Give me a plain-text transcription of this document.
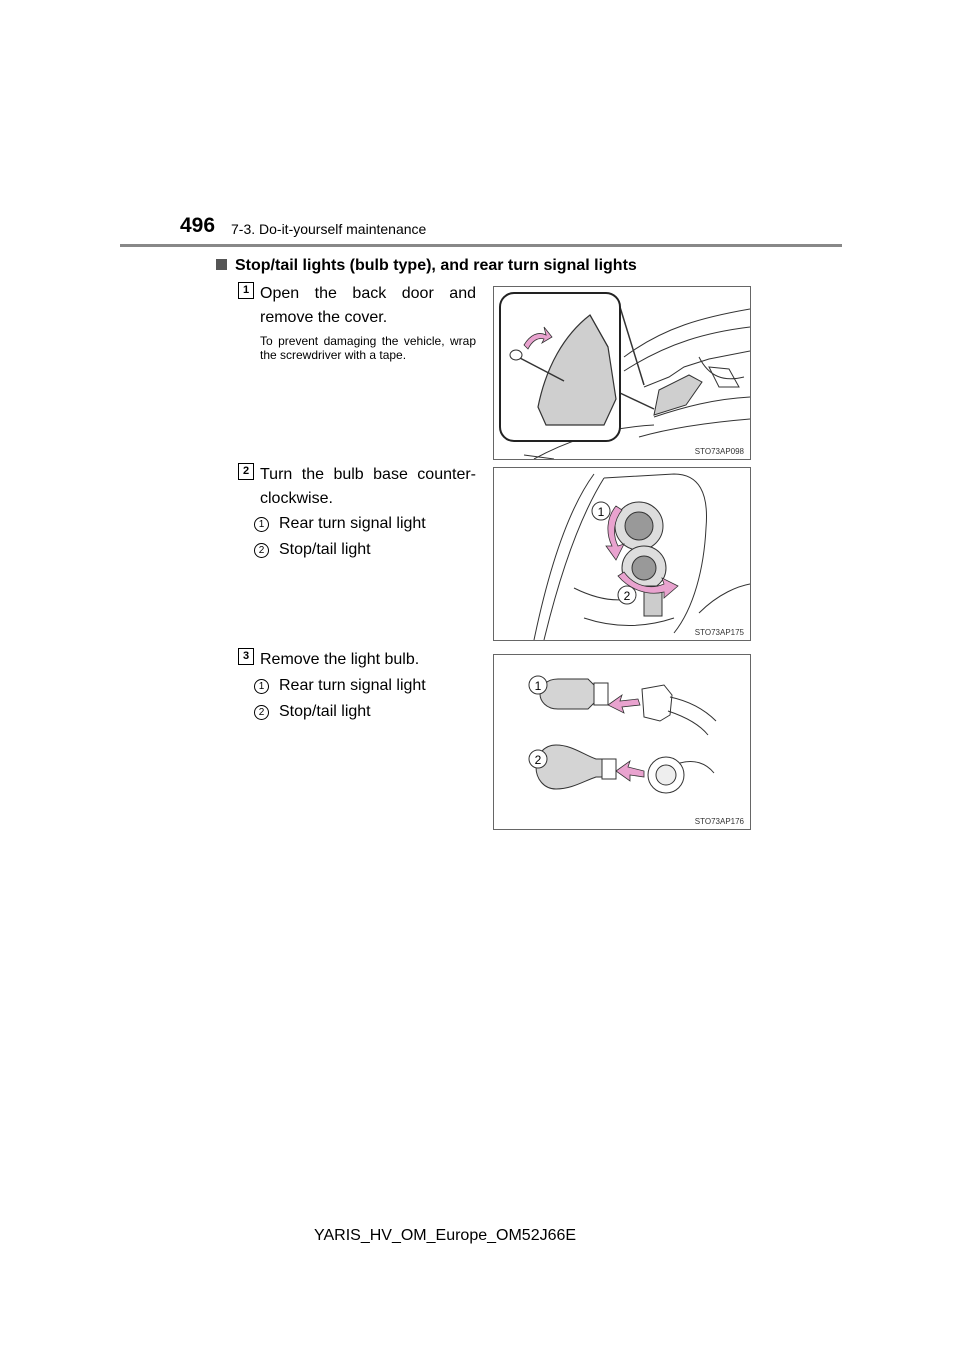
496 7-3. Do-it-yourself maintenance
Stop/tail lights (bulb type), and rear turn signal lights
1 Open the back door and remove the cover.
To prevent damaging the vehicle, wrap the screwdriver with a tape.
STO73AP098
2 Turn the bulb base counter-clockwise.
1 Rear turn signal light
2 Stop/tail light
1
2
STO73AP175
3 Remove the light bulb.
1 Rear turn signal light
2 Stop/tail light
1
2
STO73AP176
YARIS_HV_OM_Europe_OM52J66E
